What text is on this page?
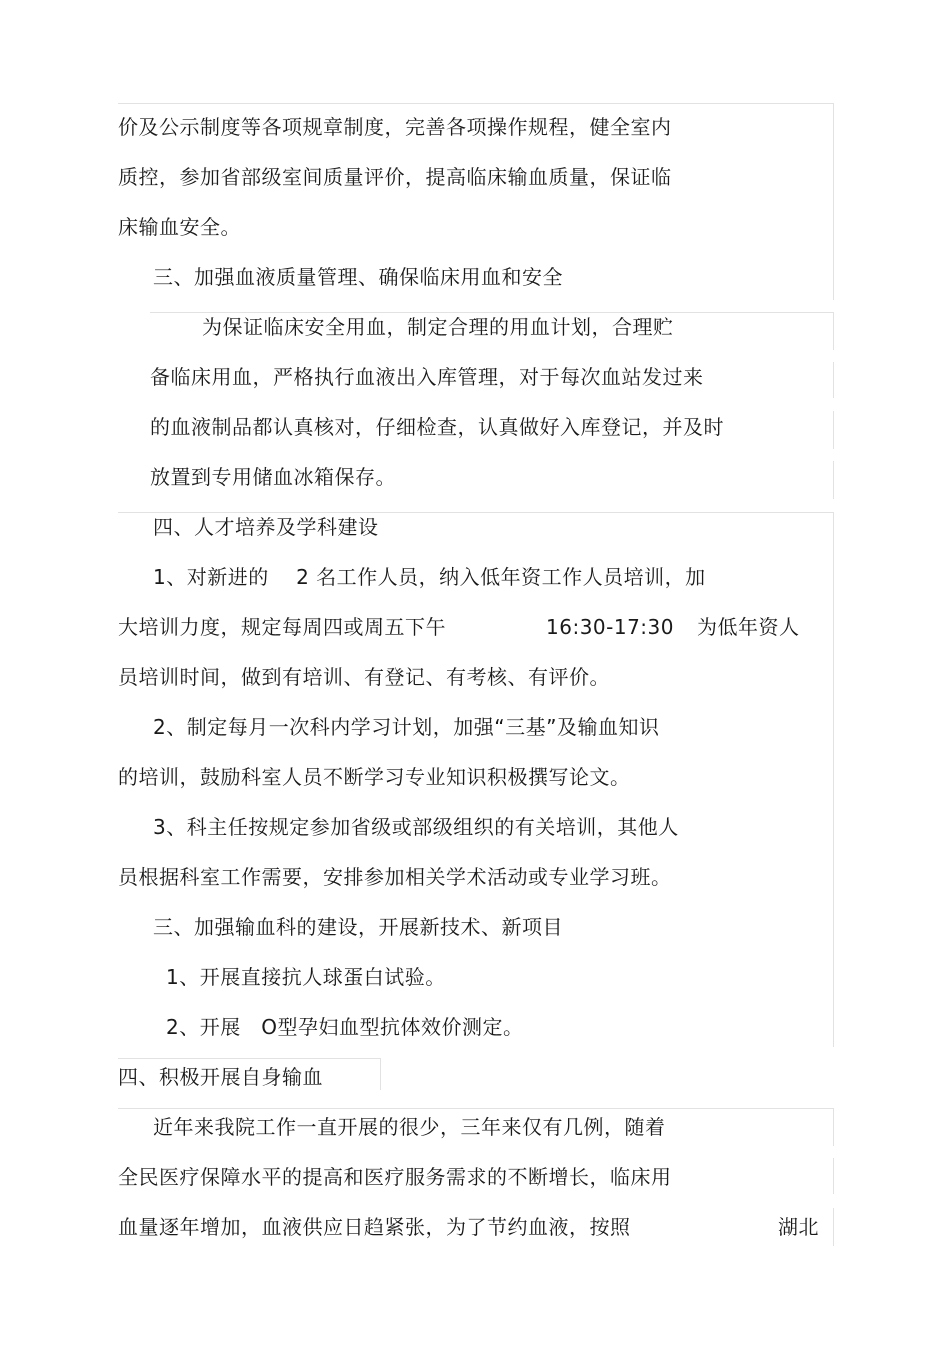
价及公示制度等各项规章制度，完善各项操作规程，健全室内
质控，参加省部级室间质量评价，提高临床输血质量，保证临
床输血安全。
三、加强血液质量管理、确保临床用血和安全
为保证临床安全用血，制定合理的用血计划，合理贮
备临床用血，严格执行血液出入库管理，对于每次血站发过来
的血液制品都认真核对，仔细检查，认真做好入库登记，并及时
放置到专用储血冰箱保存。
四、人才培养及学科建设
1、对新进的　 2 名工作人员，纳入低年资工作人员培训，加
大培训力度，规定每周四或周五下午	16:30-17:30 为低年资人
员培训时间，做到有培训、有登记、有考核、有评价。
2、制定每月一次科内学习计划，加强“三基”及输血知识
的培训，鼓励科室人员不断学习专业知识积极撰写论文。
3、科主任按规定参加省级或部级组织的有关培训，其他人
员根据科室工作需要，安排参加相关学术活动或专业学习班。
三、加强输血科的建设，开展新技术、新项目
1、开展直接抗人球蛋白试验。
2、开展　O型孕妇血型抗体效价测定。
四、积极开展自身输血
近年来我院工作一直开展的很少，三年来仅有几例，随着
全民医疗保障水平的提高和医疗服务需求的不断增长，临床用
血量逐年增加，血液供应日趋紧张，为了节约血液，按照	湖北
